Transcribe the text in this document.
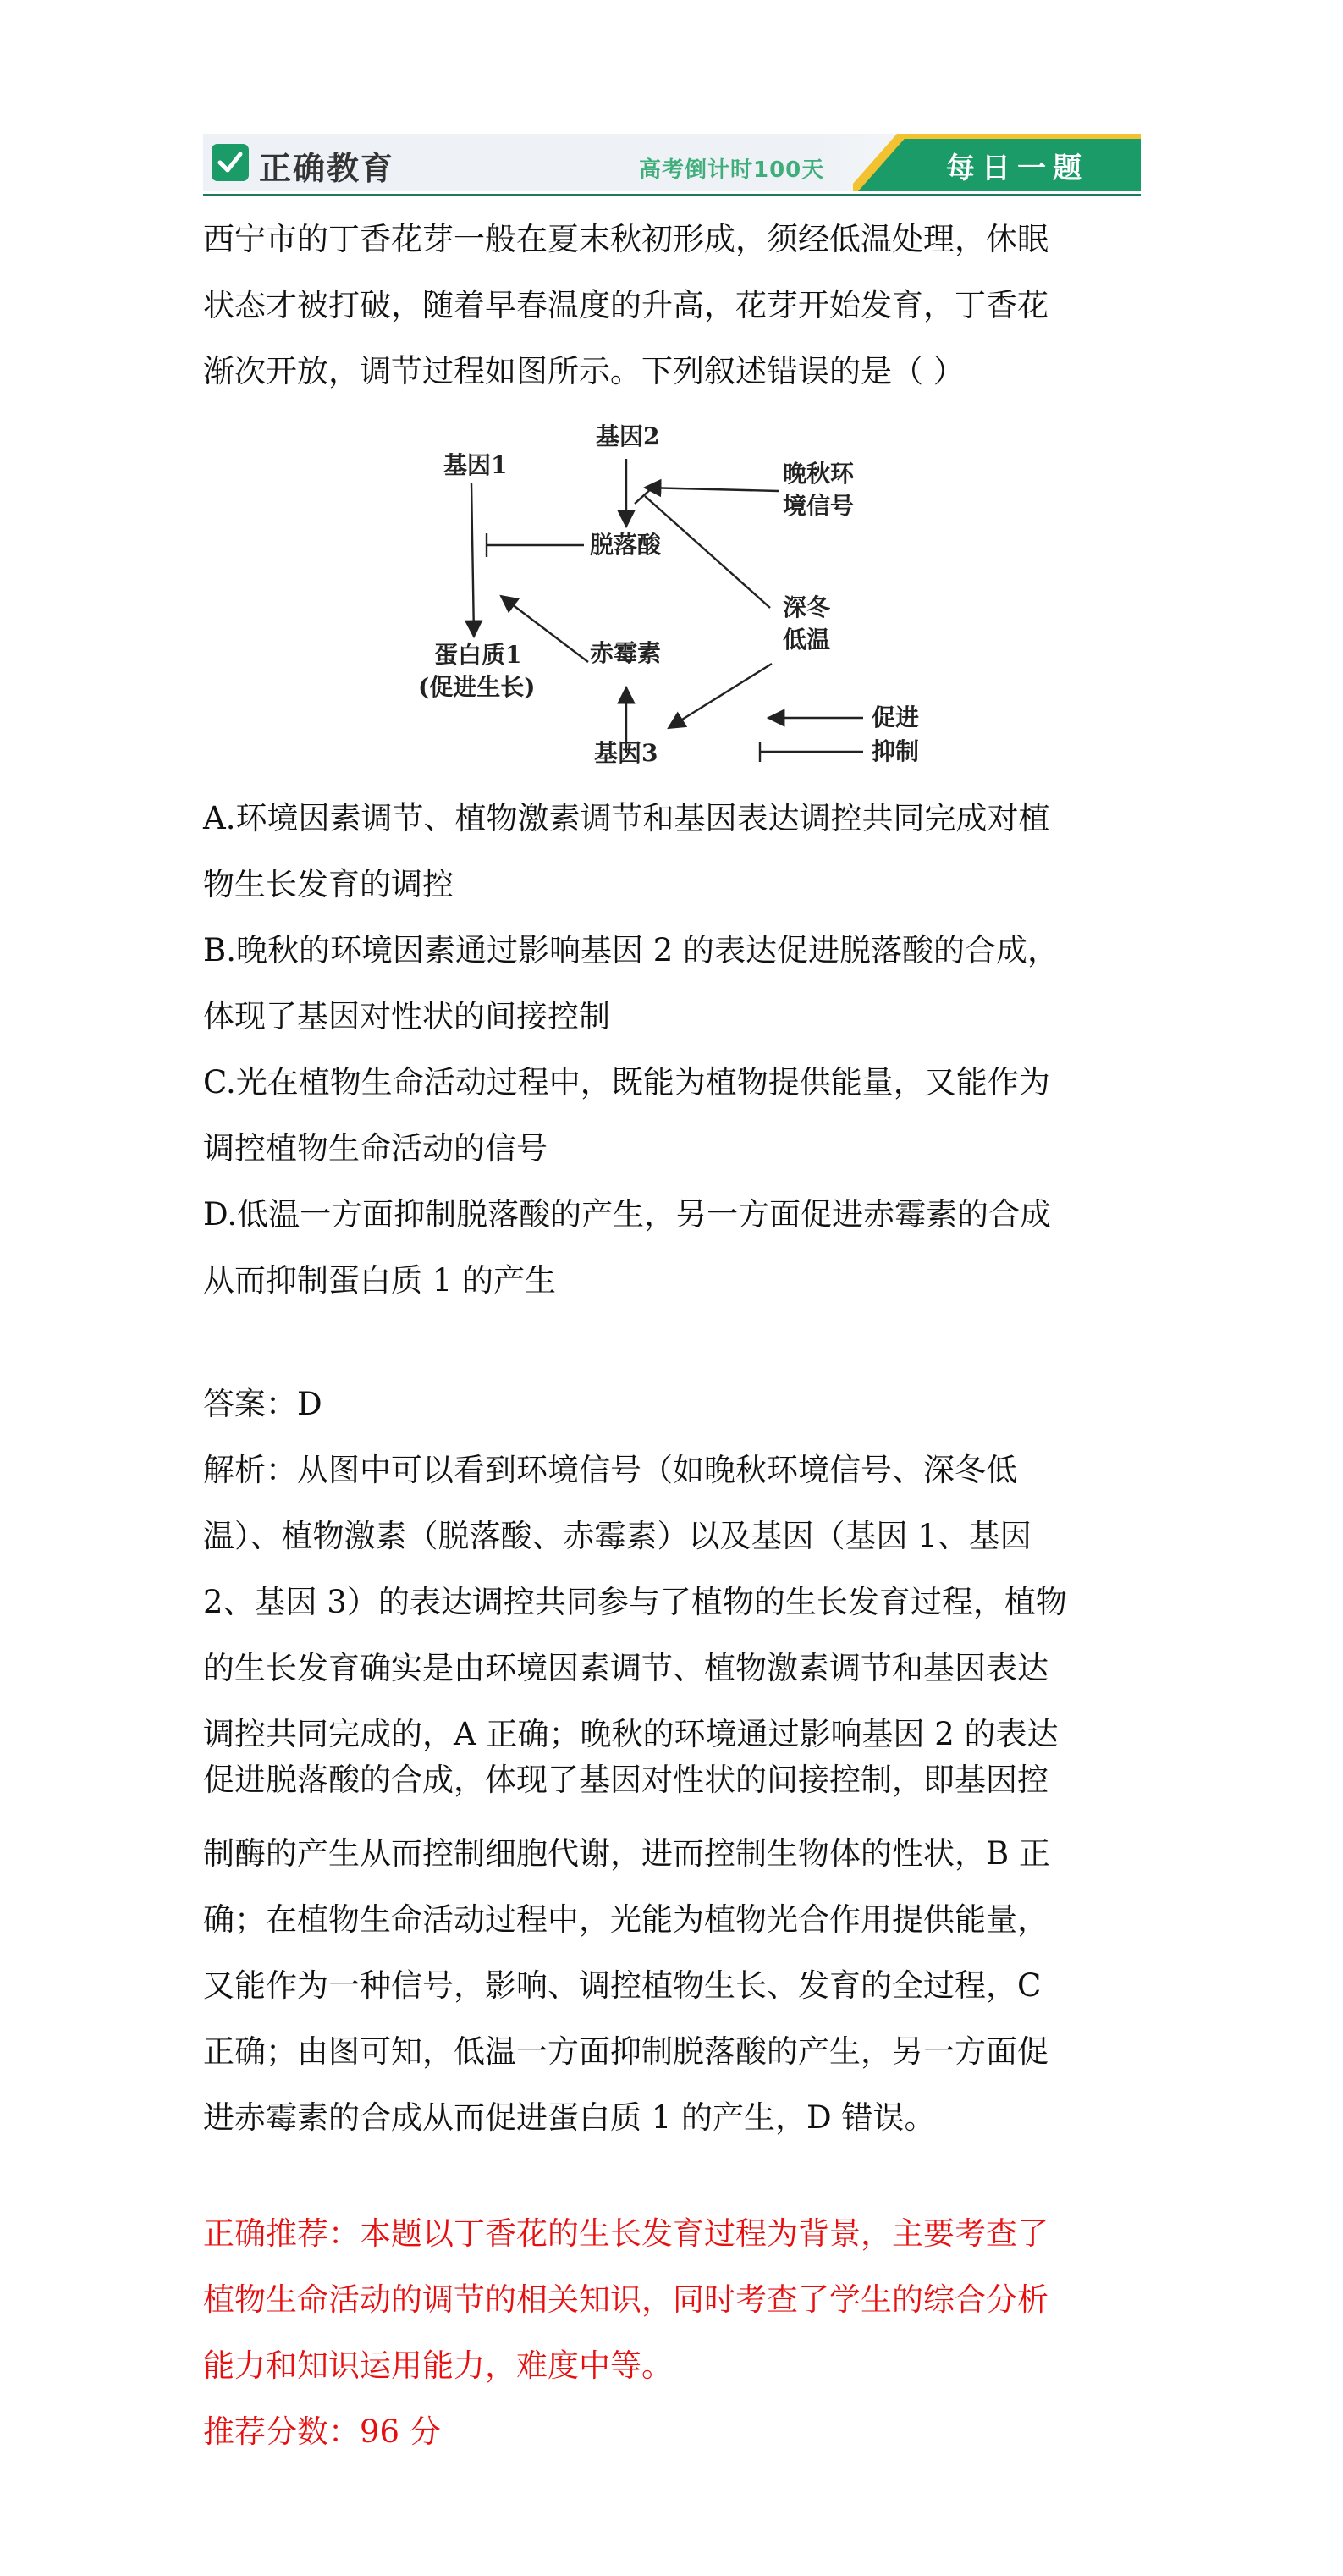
正确教育	高考倒计时100天	每日一题

西宁市的丁香花芽一般在夏末秋初形成，须经低温处理，休眠

状态才被打破，随着早春温度的升高，花芽开始发育，丁香花

渐次开放，调节过程如图所示。下列叙述错误的是（ ）

基因1
基因2
晚秋环
境信号
脱落酸
深冬
低温
赤霉素
蛋白质1
(促进生长)
基因3
促进
抑制

A.环境因素调节、植物激素调节和基因表达调控共同完成对植

物生长发育的调控

B.晚秋的环境因素通过影响基因 2 的表达促进脱落酸的合成，

体现了基因对性状的间接控制

C.光在植物生命活动过程中，既能为植物提供能量，又能作为

调控植物生命活动的信号

D.低温一方面抑制脱落酸的产生，另一方面促进赤霉素的合成

从而抑制蛋白质 1 的产生

答案：D

解析：从图中可以看到环境信号（如晚秋环境信号、深冬低

温）、植物激素（脱落酸、赤霉素）以及基因（基因 1、基因

2、基因 3）的表达调控共同参与了植物的生长发育过程，植物

的生长发育确实是由环境因素调节、植物激素调节和基因表达

调控共同完成的，A 正确；晚秋的环境通过影响基因 2 的表达

促进脱落酸的合成，体现了基因对性状的间接控制，即基因控

制酶的产生从而控制细胞代谢，进而控制生物体的性状，B 正

确；在植物生命活动过程中，光能为植物光合作用提供能量，

又能作为一种信号，影响、调控植物生长、发育的全过程，C

正确；由图可知，低温一方面抑制脱落酸的产生，另一方面促

进赤霉素的合成从而促进蛋白质 1 的产生，D 错误。

正确推荐：本题以丁香花的生长发育过程为背景，主要考查了

植物生命活动的调节的相关知识，同时考查了学生的综合分析

能力和知识运用能力，难度中等。

推荐分数：96 分
